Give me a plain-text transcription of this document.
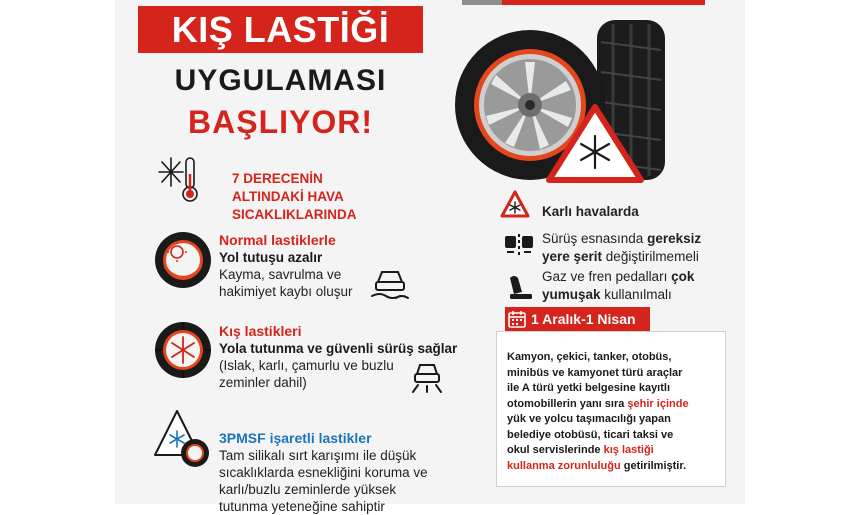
KIŞ LASTİĞİ
UYGULAMASI
BAŞLIYOR!
7 DERECENİN
ALTINDAKİ HAVA
SICAKLIKLARINDA
Normal lastiklerle
Yol tutuşu azalır
Kayma, savrulma ve
hakimiyet kaybı oluşur
Kış lastikleri
Yola tutunma ve güvenli sürüş sağlar
(Islak, karlı, çamurlu ve buzlu
zeminler dahil)
3PMSF işaretli lastikler
Tam silikalı sırt karışımı ile düşük
sıcaklıklarda esnekliğini koruma ve
karlı/buzlu zeminlerde yüksek
tutunma yeteneğine sahiptir
Karlı havalarda
Sürüş esnasında gereksiz
yere şerit değiştirilmemeli
Gaz ve fren pedalları çok
yumuşak kullanılmalı
1 Aralık-1 Nisan
Kamyon, çekici, tanker, otobüs,
minibüs ve kamyonet türü araçlar
ile A türü yetki belgesine kayıtlı
otomobillerin yanı sıra şehir içinde
yük ve yolcu taşımacılığı yapan
belediye otobüsü, ticari taksi ve
okul servislerinde kış lastiği
kullanma zorunluluğu getirilmiştir.
